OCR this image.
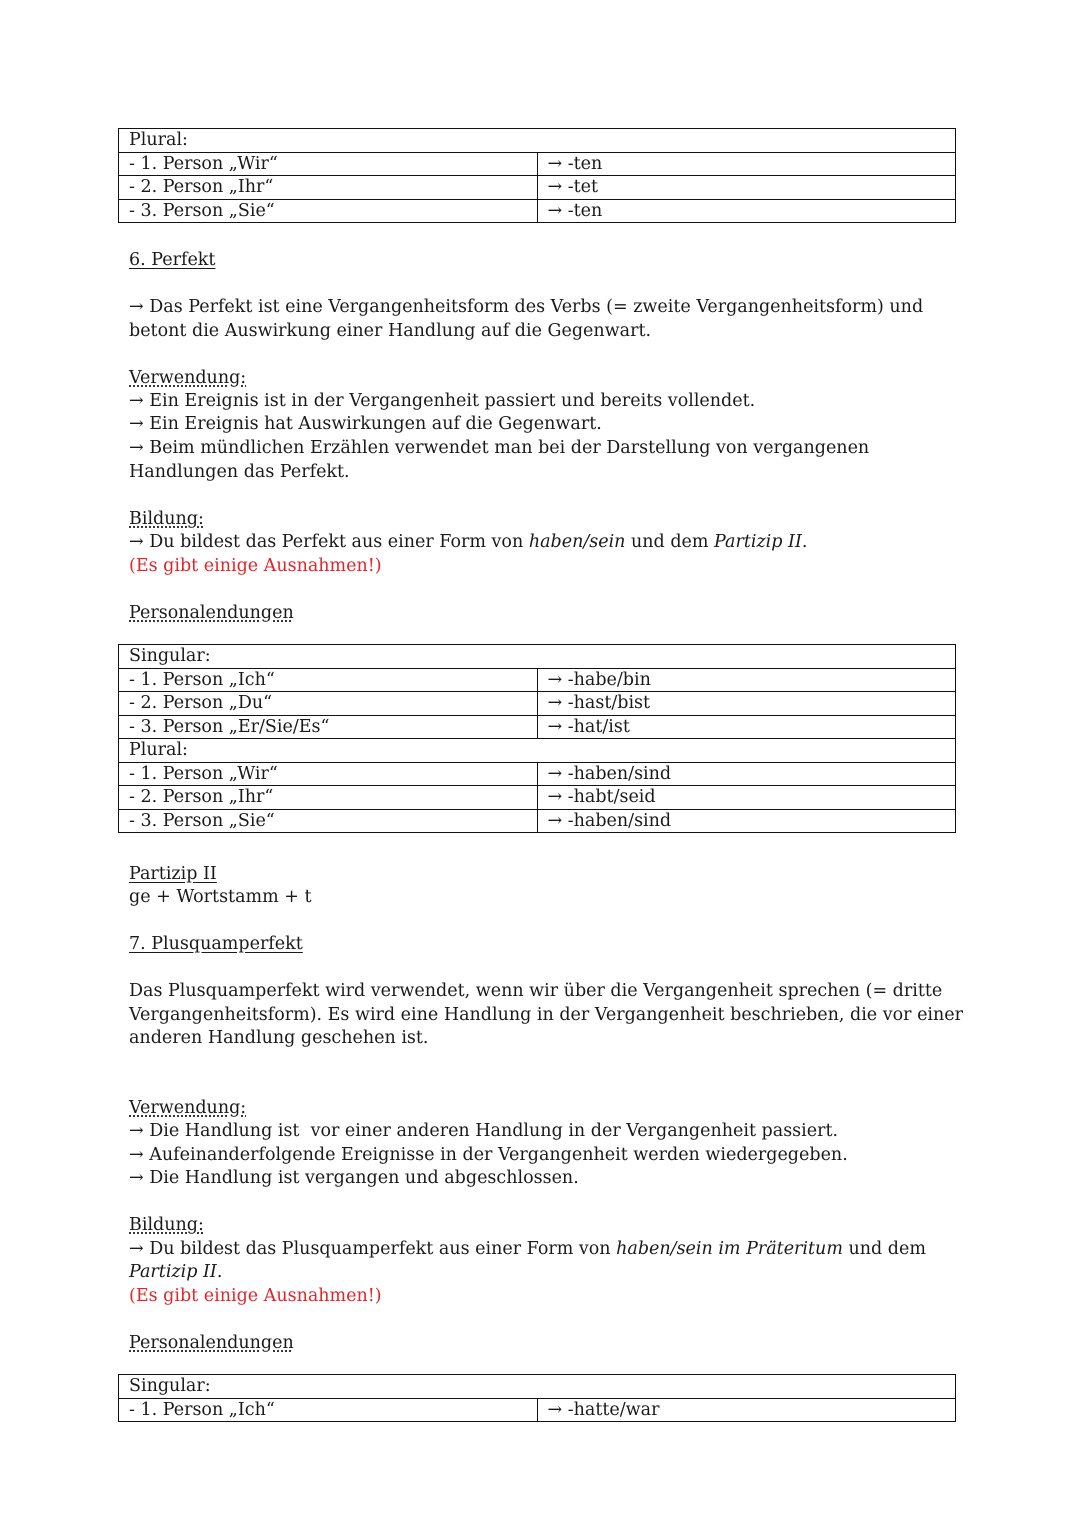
Plural:	
- 1. Person „Wir“	→ -ten
- 2. Person „Ihr“	→ -tet
- 3. Person „Sie“	→ -ten
6. Perfekt
→ Das Perfekt ist eine Vergangenheitsform des Verbs (= zweite Vergangenheitsform) und betont die Auswirkung einer Handlung auf die Gegenwart.
Verwendung:
→ Ein Ereignis ist in der Vergangenheit passiert und bereits vollendet.
→ Ein Ereignis hat Auswirkungen auf die Gegenwart.
→ Beim mündlichen Erzählen verwendet man bei der Darstellung von vergangenen Handlungen das Perfekt.
Bildung:
→ Du bildest das Perfekt aus einer Form von haben/sein und dem Partizip II.
(Es gibt einige Ausnahmen!)
Personalendungen
Singular:	
- 1. Person „Ich“	→ -habe/bin
- 2. Person „Du“	→ -hast/bist
- 3. Person „Er/Sie/Es“	→ -hat/ist
Plural:	
- 1. Person „Wir“	→ -haben/sind
- 2. Person „Ihr“	→ -habt/seid
- 3. Person „Sie“	→ -haben/sind
Partizip II
ge + Wortstamm + t
7. Plusquamperfekt
Das Plusquamperfekt wird verwendet, wenn wir über die Vergangenheit sprechen (= dritte Vergangenheitsform). Es wird eine Handlung in der Vergangenheit beschrieben, die vor einer anderen Handlung geschehen ist.
Verwendung:
→ Die Handlung ist  vor einer anderen Handlung in der Vergangenheit passiert.
→ Aufeinanderfolgende Ereignisse in der Vergangenheit werden wiedergegeben.
→ Die Handlung ist vergangen und abgeschlossen.
Bildung:
→ Du bildest das Plusquamperfekt aus einer Form von haben/sein im Präteritum und dem
Partizip II.
(Es gibt einige Ausnahmen!)
Personalendungen
Singular:
- 1. Person „Ich“	→ -hatte/war
